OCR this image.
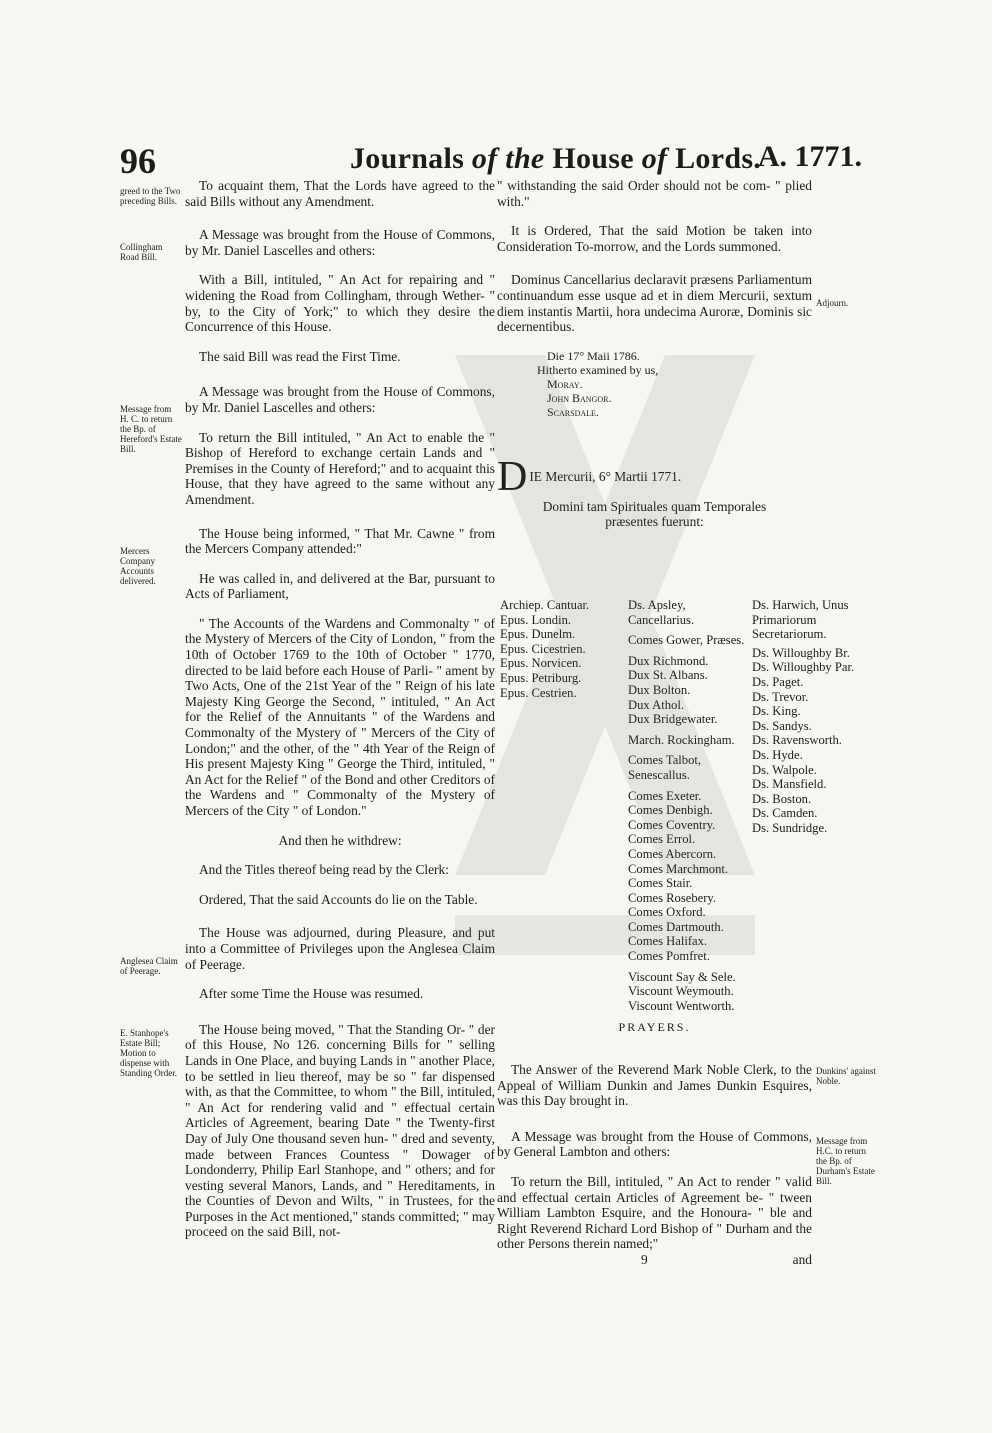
96	Journals of the House of Lords.
A. 1771.
greed to the Two preceding Bills.
Collingham Road Bill.
Message from H. C. to return the Bp. of Hereford's Estate Bill.
Mercers Company Accounts delivered.
Anglesea Claim of Peerage.
E. Stanhope's Estate Bill; Motion to dispense with Standing Order.

To acquaint them, That the Lords have agreed to the said Bills without any Amendment.

A Message was brought from the House of Commons, by Mr. Daniel Lascelles and others:

With a Bill, intituled, " An Act for repairing and " widening the Road from Collingham, through Wether- " by, to the City of York;" to which they desire the Concurrence of this House.

The said Bill was read the First Time.

A Message was brought from the House of Commons, by Mr. Daniel Lascelles and others:

To return the Bill intituled, " An Act to enable the " Bishop of Hereford to exchange certain Lands and " Premises in the County of Hereford;" and to acquaint this House, that they have agreed to the same without any Amendment.

The House being informed, " That Mr. Cawne " from the Mercers Company attended:"

He was called in, and delivered at the Bar, pursuant to Acts of Parliament,

" The Accounts of the Wardens and Commonalty " of the Mystery of Mercers of the City of London, " from the 10th of October 1769 to the 10th of October " 1770, directed to be laid before each House of Parli- " ament by Two Acts, One of the 21st Year of the " Reign of his late Majesty King George the Second, " intituled, " An Act for the Relief of the Annuitants " of the Wardens and Commonalty of the Mystery of " Mercers of the City of London;" and the other, of the " 4th Year of the Reign of His present Majesty King " George the Third, intituled, " An Act for the Relief " of the Bond and other Creditors of the Wardens and " Commonalty of the Mystery of Mercers of the City " of London."

And then he withdrew:

And the Titles thereof being read by the Clerk:

Ordered, That the said Accounts do lie on the Table.

The House was adjourned, during Pleasure, and put into a Committee of Privileges upon the Anglesea Claim of Peerage.

After some Time the House was resumed.

The House being moved, " That the Standing Or- " der of this House, No 126. concerning Bills for " selling Lands in One Place, and buying Lands in " another Place, to be settled in lieu thereof, may be so " far dispensed with, as that the Committee, to whom " the Bill, intituled, " An Act for rendering valid and " effectual certain Articles of Agreement, bearing Date " the Twenty-first Day of July One thousand seven hun- " dred and seventy, made between Frances Countess " Dowager of Londonderry, Philip Earl Stanhope, and " others; and for vesting several Manors, Lands, and " Hereditaments, in the Counties of Devon and Wilts, " in Trustees, for the Purposes in the Act mentioned," stands committed; " may proceed on the said Bill, not-

" withstanding the said Order should not be com- " plied with."

It is Ordered, That the said Motion be taken into Consideration To-morrow, and the Lords summoned.

Dominus Cancellarius declaravit præsens Parliamentum continuandum esse usque ad et in diem Mercurii, sextum diem instantis Martii, hora undecima Auroræ, Dominis sic decernentibus.

Die 17° Maii 1786.
Hitherto examined by us,
Moray.
John Bangor.
Scarsdale.
D IE Mercurii, 6° Martii 1771.

Domini tam Spirituales quam Temporales præsentes fuerunt:

Archiep. Cantuar.
Epus. Londin.
Epus. Dunelm.
Epus. Cicestrien.
Epus. Norvicen.
Epus. Petriburg.
Epus. Cestrien.
Ds. Apsley, Cancellarius.
Comes Gower, Præses.
Dux Richmond.
Dux St. Albans.
Dux Bolton.
Dux Athol.
Dux Bridgewater.
March. Rockingham.
Comes Talbot, Senescallus.
Comes Exeter.
Comes Denbigh.
Comes Coventry.
Comes Errol.
Comes Abercorn.
Comes Marchmont.
Comes Stair.
Comes Rosebery.
Comes Oxford.
Comes Dartmouth.
Comes Halifax.
Comes Pomfret.
Viscount Say & Sele.
Viscount Weymouth.
Viscount Wentworth.
Ds. Harwich, Unus Primariorum Secretariorum.
Ds. Willoughby Br.
Ds. Willoughby Par.
Ds. Paget.
Ds. Trevor.
Ds. King.
Ds. Sandys.
Ds. Ravensworth.
Ds. Hyde.
Ds. Walpole.
Ds. Mansfield.
Ds. Boston.
Ds. Camden.
Ds. Sundridge.
PRAYERS.

The Answer of the Reverend Mark Noble Clerk, to the Appeal of William Dunkin and James Dunkin Esquires, was this Day brought in.

A Message was brought from the House of Commons, by General Lambton and others:

To return the Bill, intituled, " An Act to render " valid and effectual certain Articles of Agreement be- " tween William Lambton Esquire, and the Honoura- " ble and Right Reverend Richard Lord Bishop of " Durham and the other Persons therein named;"

9	and
Adjourn.
Dunkins' against Noble.
Message from H.C. to return the Bp. of Durham's Estate Bill.
